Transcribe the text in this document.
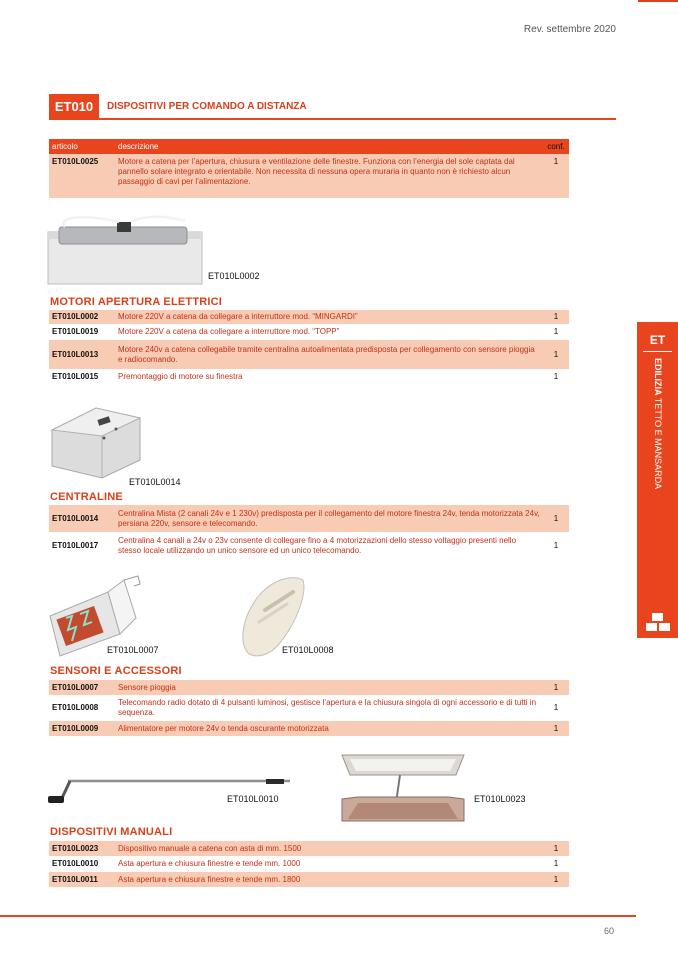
Rev. settembre 2020
ET010	DISPOSITIVI PER COMANDO A DISTANZA
articolo	descrizione	conf.
ET010L0025	Motore a catena per l’apertura, chiusura e ventilazione delle finestre. Funziona con l’energia del sole captata dal pannello solare integrato e orientabile. Non necessita di nessuna opera muraria in quanto non è richiesto alcun passaggio di cavi per l’alimentazione.	1
ET010L0002
MOTORI APERTURA ELETTRICI
ET010L0002	Motore 220V a catena da collegare a interruttore mod. “MINGARDI”	1
ET010L0019	Motore 220V a catena da collegare a interruttore mod. “TOPP”	1
ET010L0013	Motore 240v a catena collegabile tramite centralina autoalimentata predisposta per collegamento con sensore pioggia e radiocomando.	1
ET010L0015	Premontaggio di motore su finestra	1
ET010L0014
CENTRALINE
ET010L0014	Centralina Mista (2 canali 24v e 1 230v) predisposta per il collegamento del motore finestra 24v, tenda motorizzata 24v, persiana 220v, sensore e telecomando.	1
ET010L0017	Centralina 4 canali a 24v o 23v consente di collegare fino a 4 motorizzazioni dello stesso voltaggio presenti nello stesso locale utilizzando un unico sensore ed un unico telecomando.	1
ET010L0007	ET010L0008
SENSORI E ACCESSORI
ET010L0007	Sensore pioggia	1
ET010L0008	Telecomando radio dotato di 4 pulsanti luminosi, gestisce l’apertura e la chiusura singola di ogni accessorio e di tutti in sequenza.	1
ET010L0009	Alimentatore per motore 24v o tenda oscurante motorizzata	1
ET010L0010	ET010L0023
DISPOSITIVI MANUALI
ET010L0023	Dispositivo manuale a catena con asta di mm. 1500	1
ET010L0010	Asta apertura e chiusura finestre e tende mm. 1000	1
ET010L0011	Asta apertura e chiusura finestre e tende mm. 1800	1
ET
EDILIZIA TETTO E MANSARDA
60
